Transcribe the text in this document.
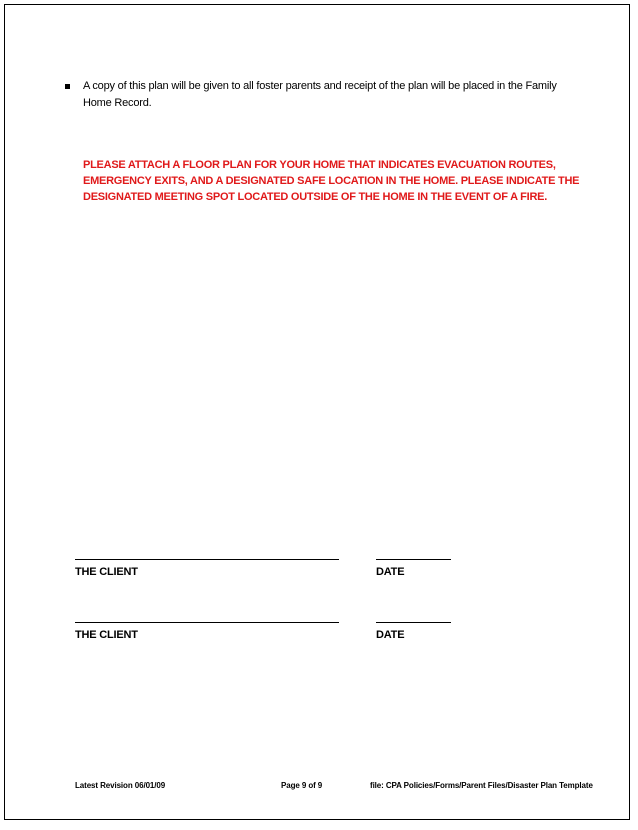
A copy of this plan will be given to all foster parents and receipt of the plan will be placed in the Family Home Record.
PLEASE ATTACH A FLOOR PLAN FOR YOUR HOME THAT INDICATES EVACUATION ROUTES, EMERGENCY EXITS, AND A DESIGNATED SAFE LOCATION IN THE HOME. PLEASE INDICATE THE DESIGNATED MEETING SPOT LOCATED OUTSIDE OF THE HOME IN THE EVENT OF A FIRE.
THE CLIENT	DATE
THE CLIENT	DATE
Latest Revision 06/01/09	Page 9 of 9	file: CPA Policies/Forms/Parent Files/Disaster Plan Template
